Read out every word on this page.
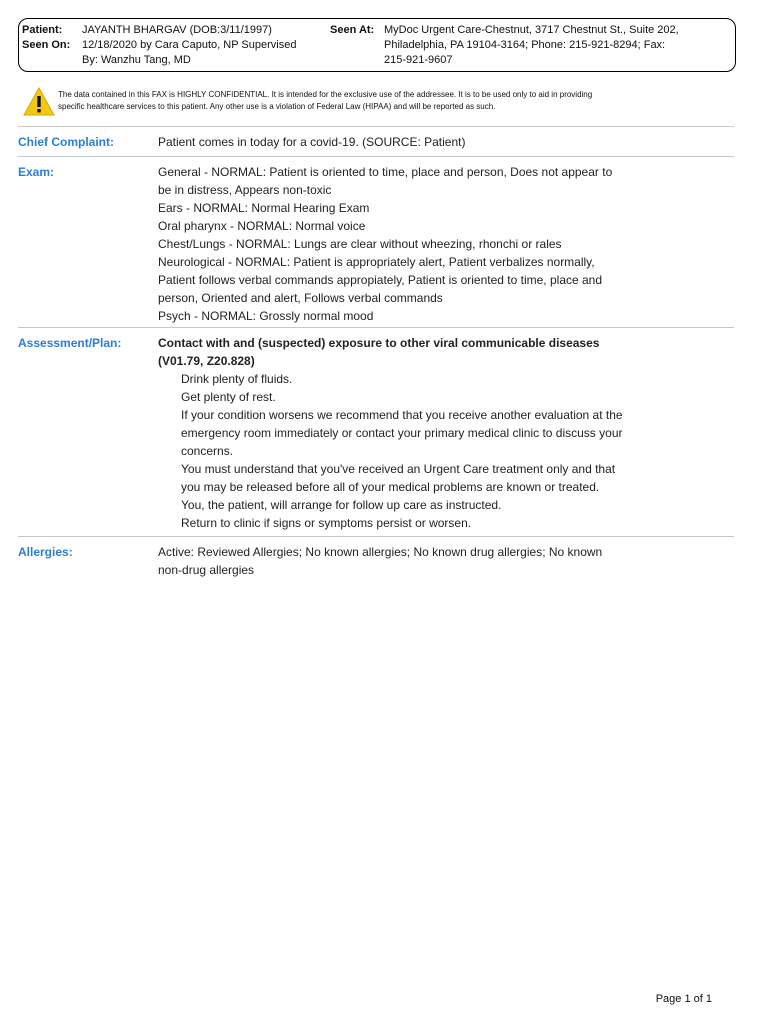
Patient:	JAYANTH BHARGAV (DOB:3/11/1997)
Seen On:	12/18/2020 by Cara Caputo, NP Supervised
By: Wanzhu Tang, MD
Seen At: MyDoc Urgent Care-Chestnut, 3717 Chestnut St., Suite 202,
Philadelphia, PA 19104-3164; Phone: 215-921-8294; Fax:
215-921-9607
The data contained in this FAX is HIGHLY CONFIDENTIAL. It is intended for the exclusive use of the addressee. It is to be used only to aid in providing
specific healthcare services to this patient. Any other use is a violation of Federal Law (HIPAA) and will be reported as such.
Chief Complaint:	Patient comes in today for a covid-19. (SOURCE: Patient)
Exam:	General - NORMAL: Patient is oriented to time, place and person, Does not appear to
be in distress, Appears non-toxic
Ears - NORMAL: Normal Hearing Exam
Oral pharynx - NORMAL: Normal voice
Chest/Lungs - NORMAL: Lungs are clear without wheezing, rhonchi or rales
Neurological - NORMAL: Patient is appropriately alert, Patient verbalizes normally,
Patient follows verbal commands appropiately, Patient is oriented to time, place and
person, Oriented and alert, Follows verbal commands
Psych - NORMAL: Grossly normal mood
Assessment/Plan:	Contact with and (suspected) exposure to other viral communicable diseases
(V01.79, Z20.828)
Drink plenty of fluids.
Get plenty of rest.
If your condition worsens we recommend that you receive another evaluation at the
emergency room immediately or contact your primary medical clinic to discuss your
concerns.
You must understand that you've received an Urgent Care treatment only and that
you may be released before all of your medical problems are known or treated.
You, the patient, will arrange for follow up care as instructed.
Return to clinic if signs or symptoms persist or worsen.
Allergies:	Active: Reviewed Allergies; No known allergies; No known drug allergies; No known
non-drug allergies
Page 1 of 1
